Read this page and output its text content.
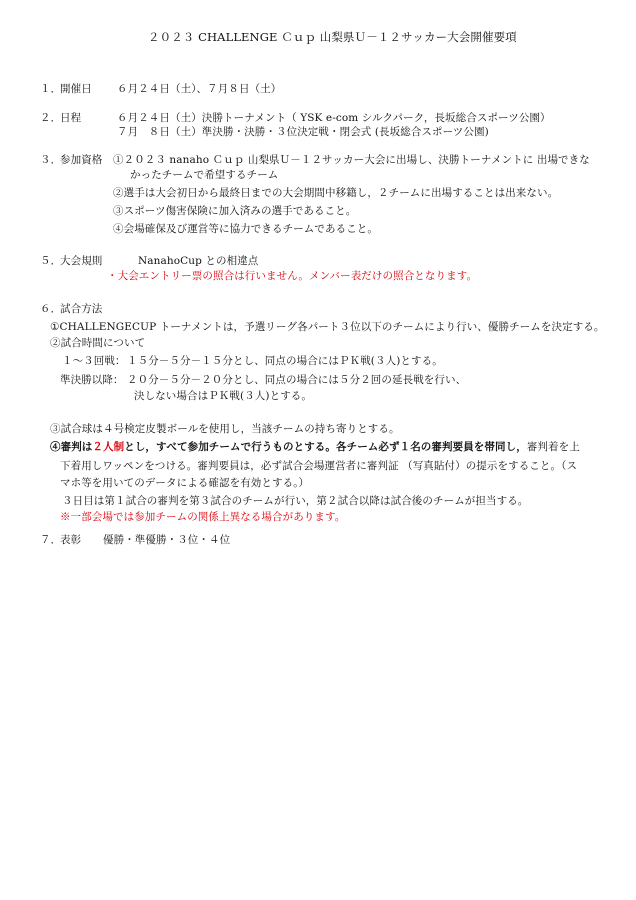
２０２３ CHALLENGE Ｃｕｐ 山梨県Ｕ－１２サッカー大会開催要項
１．
開催日 ６月２４日（土）、７月８日（土）
２．
日程	６月２４日（土）決勝トーナメント（ YSK e-com シルクパーク，長坂総合スポーツ公園）
７月　８日（土）準決勝・決勝・３位決定戦・閉会式 (長坂総合スポーツ公園)
３．
参加資格 ①２０２３ nanaho Ｃｕｐ 山梨県Ｕ－１２サッカー大会に出場し、決勝トーナメントに 出場できな
かったチームで希望するチーム
②選手は大会初日から最終日までの大会期間中移籍し，２チームに出場することは出来ない。
③スポーツ傷害保険に加入済みの選手であること。
④会場確保及び運営等に協力できるチームであること。
５．
大会規則	NanahoCup との相違点
・大会エントリー票の照合は行いません。メンバー表だけの照合となります。
６．
試合方法
①CHALLENGECUP トーナメントは，予選リーグ各パート３位以下のチームにより行い、優勝チームを決定する。
②試合時間について
１～３回戦： １５分－５分－１５分とし、同点の場合にはＰＫ戦(３人)とする。
準決勝以降： ２０分－５分－２０分とし、同点の場合には５分２回の延長戦を行い、
決しない場合はＰＫ戦(３人)とする。
③試合球は４号検定皮製ボールを使用し，当該チームの持ち寄りとする。
④審判は２人制とし，すべて参加チームで行うものとする。各チーム必ず１名の審判要員を帯同し，審判着を上
下着用しワッペンをつける。審判要員は，必ず試合会場運営者に審判証 （写真貼付）の提示をすること。（ス
マホ等を用いてのデータによる確認を有効とする。）
３日目は第１試合の審判を第３試合のチームが行い，第２試合以降は試合後のチームが担当する。
※一部会場では参加チームの関係上異なる場合があります。
７．
表彰 優勝・準優勝・３位・４位
